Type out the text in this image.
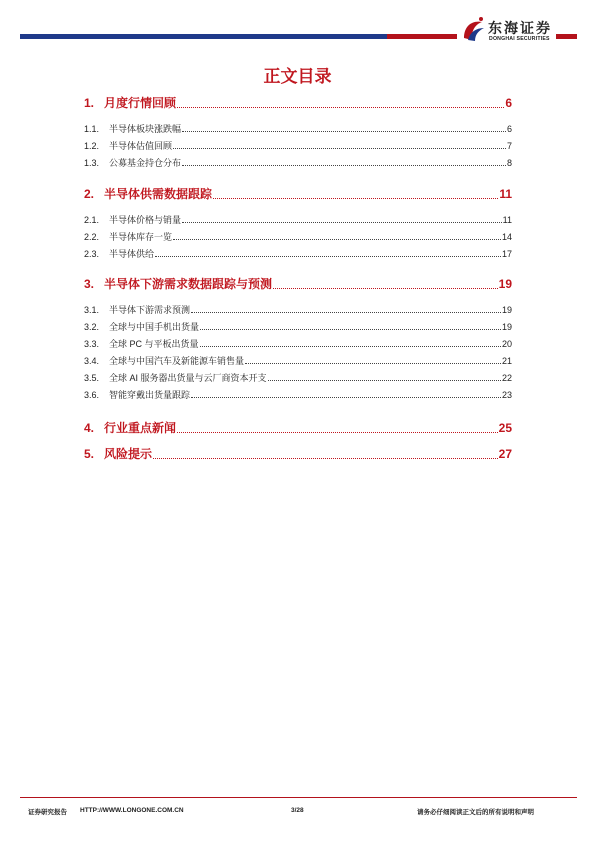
东海证券
DONGHAI SECURITIES
正文目录
1. 月度行情回顾	6
1.1.	半导体板块涨跌幅	6
1.2.	半导体估值回顾	7
1.3.	公募基金持仓分布	8
2. 半导体供需数据跟踪	11
2.1.	半导体价格与销量	11
2.2.	半导体库存一览	14
2.3.	半导体供给	17
3. 半导体下游需求数据跟踪与预测	19
3.1.	半导体下游需求预测	19
3.2.	全球与中国手机出货量	19
3.3.	全球 PC 与平板出货量	20
3.4.	全球与中国汽车及新能源车销售量	21
3.5.	全球 AI 服务器出货量与云厂商资本开支	22
3.6.	智能穿戴出货量跟踪	23
4. 行业重点新闻	25
5. 风险提示	27
证券研究报告 HTTP://WWW.LONGONE.COM.CN	3/28	请务必仔细阅读正文后的所有说明和声明
